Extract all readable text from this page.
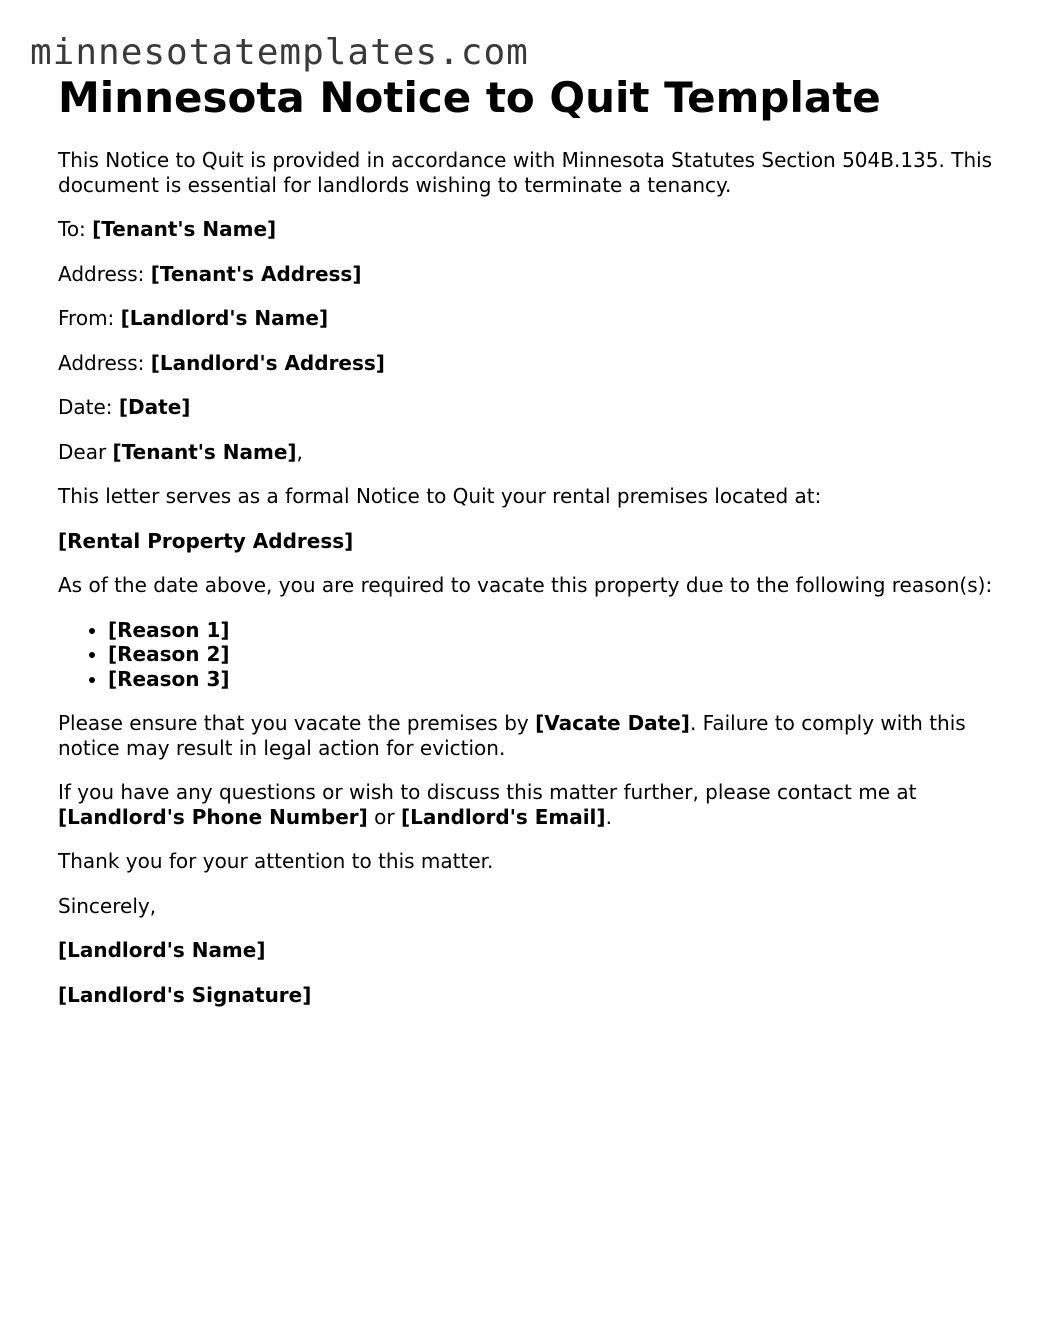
minnesotatemplates.com
Minnesota Notice to Quit Template

This Notice to Quit is provided in accordance with Minnesota Statutes Section 504B.135. This document is essential for landlords wishing to terminate a tenancy.

To: [Tenant's Name]

Address: [Tenant's Address]

From: [Landlord's Name]

Address: [Landlord's Address]

Date: [Date]

Dear [Tenant's Name],

This letter serves as a formal Notice to Quit your rental premises located at:

[Rental Property Address]

As of the date above, you are required to vacate this property due to the following reason(s):

• [Reason 1]
• [Reason 2]
• [Reason 3]

Please ensure that you vacate the premises by [Vacate Date]. Failure to comply with this notice may result in legal action for eviction.

If you have any questions or wish to discuss this matter further, please contact me at [Landlord's Phone Number] or [Landlord's Email].

Thank you for your attention to this matter.

Sincerely,

[Landlord's Name]

[Landlord's Signature]
